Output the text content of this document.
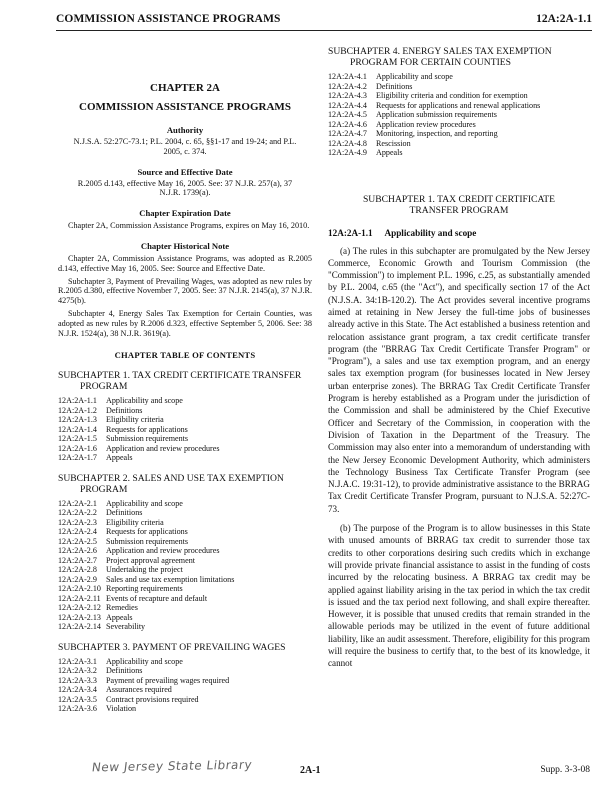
COMMISSION ASSISTANCE PROGRAMS	12A:2A-1.1
CHAPTER 2A
COMMISSION ASSISTANCE PROGRAMS
Authority
N.J.S.A. 52:27C-73.1; P.L. 2004, c. 65, §§1-17 and 19-24; and P.L. 2005, c. 374.
Source and Effective Date
R.2005 d.143, effective May 16, 2005. See: 37 N.J.R. 257(a), 37 N.J.R. 1739(a).
Chapter Expiration Date
Chapter 2A, Commission Assistance Programs, expires on May 16, 2010.
Chapter Historical Note
Chapter 2A, Commission Assistance Programs, was adopted as R.2005 d.143, effective May 16, 2005. See: Source and Effective Date.
Subchapter 3, Payment of Prevailing Wages, was adopted as new rules by R.2005 d.380, effective November 7, 2005. See: 37 N.J.R. 2145(a), 37 N.J.R. 4275(b).
Subchapter 4, Energy Sales Tax Exemption for Certain Counties, was adopted as new rules by R.2006 d.323, effective September 5, 2006. See: 38 N.J.R. 1524(a), 38 N.J.R. 3619(a).
CHAPTER TABLE OF CONTENTS
SUBCHAPTER 1. TAX CREDIT CERTIFICATE TRANSFER
PROGRAM
12A:2A-1.1	Applicability and scope
12A:2A-1.2	Definitions
12A:2A-1.3	Eligibility criteria
12A:2A-1.4	Requests for applications
12A:2A-1.5	Submission requirements
12A:2A-1.6	Application and review procedures
12A:2A-1.7	Appeals
SUBCHAPTER 2. SALES AND USE TAX EXEMPTION
PROGRAM
12A:2A-2.1	Applicability and scope
12A:2A-2.2	Definitions
12A:2A-2.3	Eligibility criteria
12A:2A-2.4	Requests for applications
12A:2A-2.5	Submission requirements
12A:2A-2.6	Application and review procedures
12A:2A-2.7	Project approval agreement
12A:2A-2.8	Undertaking the project
12A:2A-2.9	Sales and use tax exemption limitations
12A:2A-2.10 Reporting requirements
12A:2A-2.11 Events of recapture and default
12A:2A-2.12 Remedies
12A:2A-2.13 Appeals
12A:2A-2.14 Severability
SUBCHAPTER 3. PAYMENT OF PREVAILING WAGES
12A:2A-3.1	Applicability and scope
12A:2A-3.2	Definitions
12A:2A-3.3	Payment of prevailing wages required
12A:2A-3.4	Assurances required
12A:2A-3.5	Contract provisions required
12A:2A-3.6	Violation
SUBCHAPTER 4. ENERGY SALES TAX EXEMPTION
PROGRAM FOR CERTAIN COUNTIES
12A:2A-4.1	Applicability and scope
12A:2A-4.2	Definitions
12A:2A-4.3	Eligibility criteria and condition for exemption
12A:2A-4.4	Requests for applications and renewal applications
12A:2A-4.5	Application submission requirements
12A:2A-4.6	Application review procedures
12A:2A-4.7	Monitoring, inspection, and reporting
12A:2A-4.8	Rescission
12A:2A-4.9	Appeals
SUBCHAPTER 1. TAX CREDIT CERTIFICATE
TRANSFER PROGRAM
12A:2A-1.1 Applicability and scope
(a) The rules in this subchapter are promulgated by the New Jersey Commerce, Economic Growth and Tourism Commission (the "Commission") to implement P.L. 1996, c.25, as substantially amended by P.L. 2004, c.65 (the "Act"), and specifically section 17 of the Act (N.J.S.A. 34:1B-120.2). The Act provides several incentive programs aimed at retaining in New Jersey the full-time jobs of businesses already active in this State. The Act established a business retention and relocation assistance grant program, a tax credit certificate transfer program (the "BRRAG Tax Credit Certificate Transfer Program" or "Program"), a sales and use tax exemption program, and an energy sales tax exemption program (for businesses located in New Jersey urban enterprise zones). The BRRAG Tax Credit Certificate Transfer Program is hereby established as a Program under the jurisdiction of the Commission and shall be administered by the Chief Executive Officer and Secretary of the Commission, in cooperation with the Division of Taxation in the Department of the Treasury. The Commission may also enter into a memorandum of understanding with the New Jersey Economic Development Authority, which administers the Technology Business Tax Certificate Transfer Program (see N.J.A.C. 19:31-12), to provide administrative assistance to the BRRAG Tax Credit Certificate Transfer Program, pursuant to N.J.S.A. 52:27C-73.
(b) The purpose of the Program is to allow businesses in this State with unused amounts of BRRAG tax credit to surrender those tax credits to other corporations desiring such credits which in exchange will provide private financial assistance to assist in the funding of costs incurred by the relocating business. A BRRAG tax credit may be applied against liability arising in the tax period in which the tax credit is issued and the tax period next following, and shall expire thereafter. However, it is possible that unused credits that remain stranded in the allowable periods may be utilized in the event of future additional liability, like an audit assessment. Therefore, eligibility for this program will require the business to certify that, to the best of its knowledge, it cannot
New Jersey State Library	2A-1	Supp. 3-3-08
